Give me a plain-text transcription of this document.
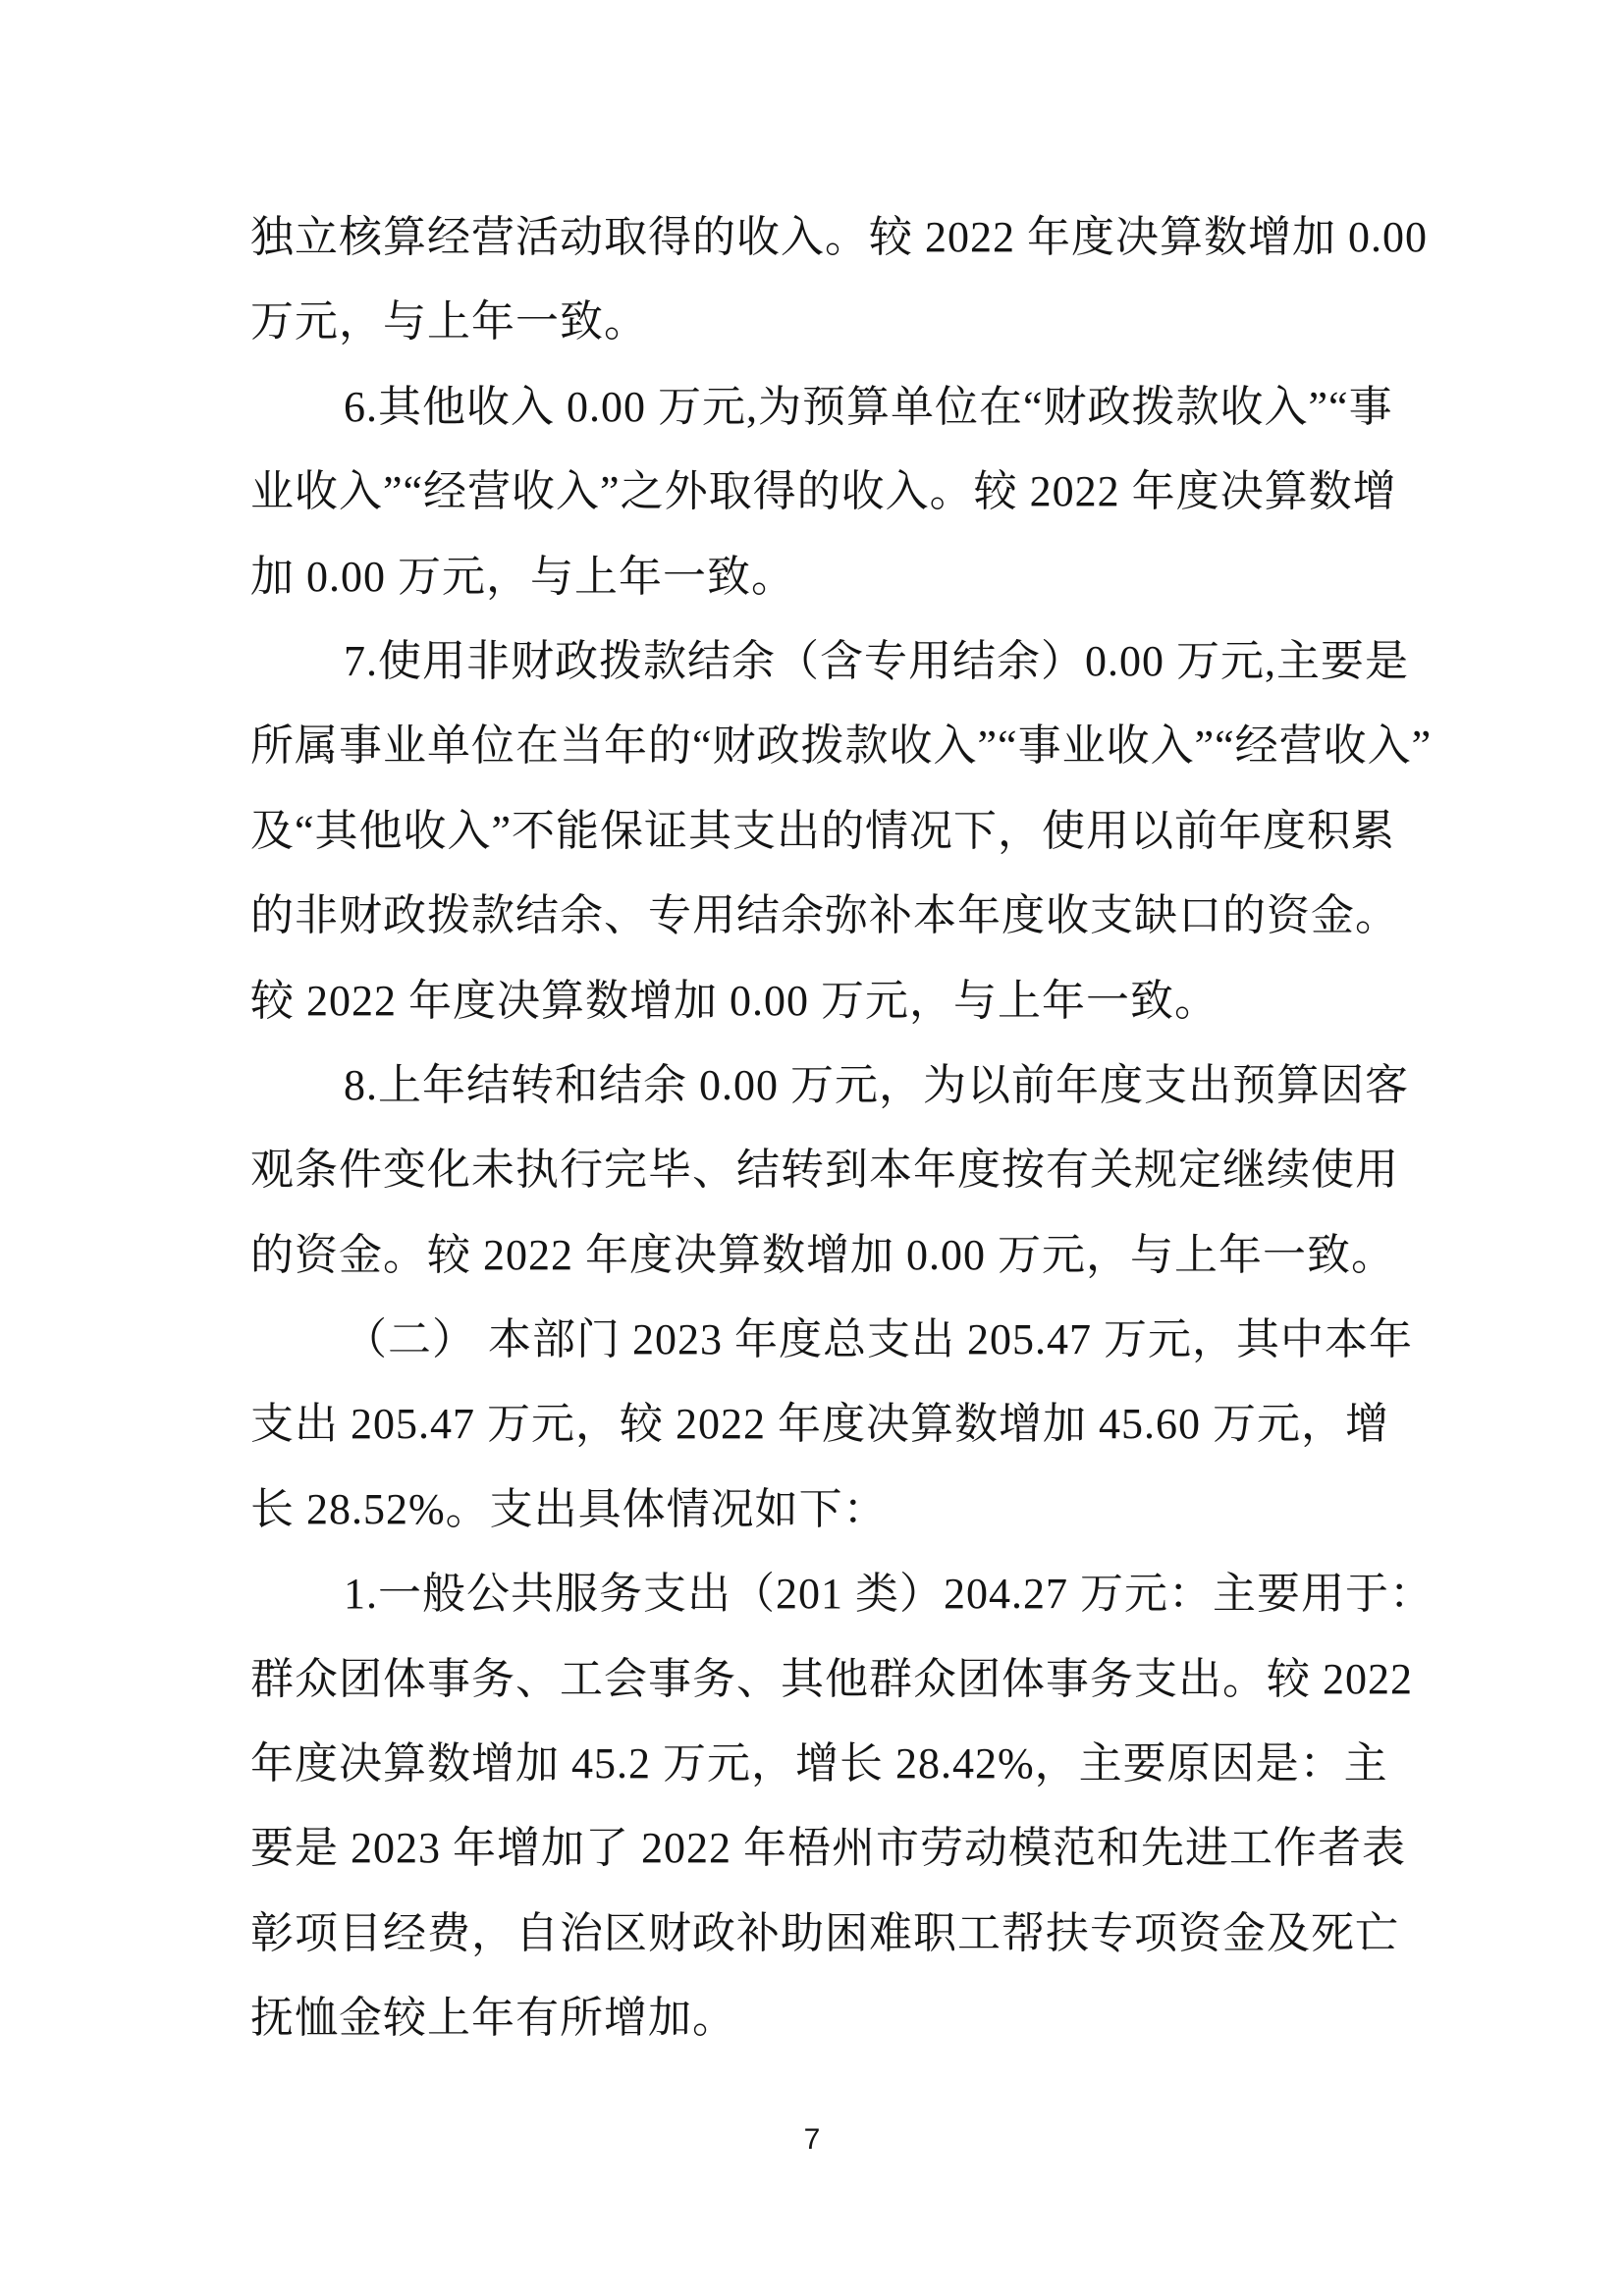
独立核算经营活动取得的收入。较 2022 年度决算数增加 0.00
万元，与上年一致。
6.其他收入 0.00 万元,为预算单位在“财政拨款收入”“事
业收入”“经营收入”之外取得的收入。较 2022 年度决算数增
加 0.00 万元，与上年一致。
7.使用非财政拨款结余（含专用结余）0.00 万元,主要是
所属事业单位在当年的“财政拨款收入”“事业收入”“经营收入”
及“其他收入”不能保证其支出的情况下，使用以前年度积累
的非财政拨款结余、专用结余弥补本年度收支缺口的资金。
较 2022 年度决算数增加 0.00 万元，与上年一致。
8.上年结转和结余 0.00 万元，为以前年度支出预算因客
观条件变化未执行完毕、结转到本年度按有关规定继续使用
的资金。较 2022 年度决算数增加 0.00 万元，与上年一致。
（二） 本部门 2023 年度总支出 205.47 万元，其中本年
支出 205.47 万元，较 2022 年度决算数增加 45.60 万元，增
长 28.52%。支出具体情况如下：
1.一般公共服务支出（201 类）204.27 万元：主要用于：
群众团体事务、工会事务、其他群众团体事务支出。较 2022
年度决算数增加 45.2 万元，增长 28.42%，主要原因是：主
要是 2023 年增加了 2022 年梧州市劳动模范和先进工作者表
彰项目经费，自治区财政补助困难职工帮扶专项资金及死亡
抚恤金较上年有所增加。
7
